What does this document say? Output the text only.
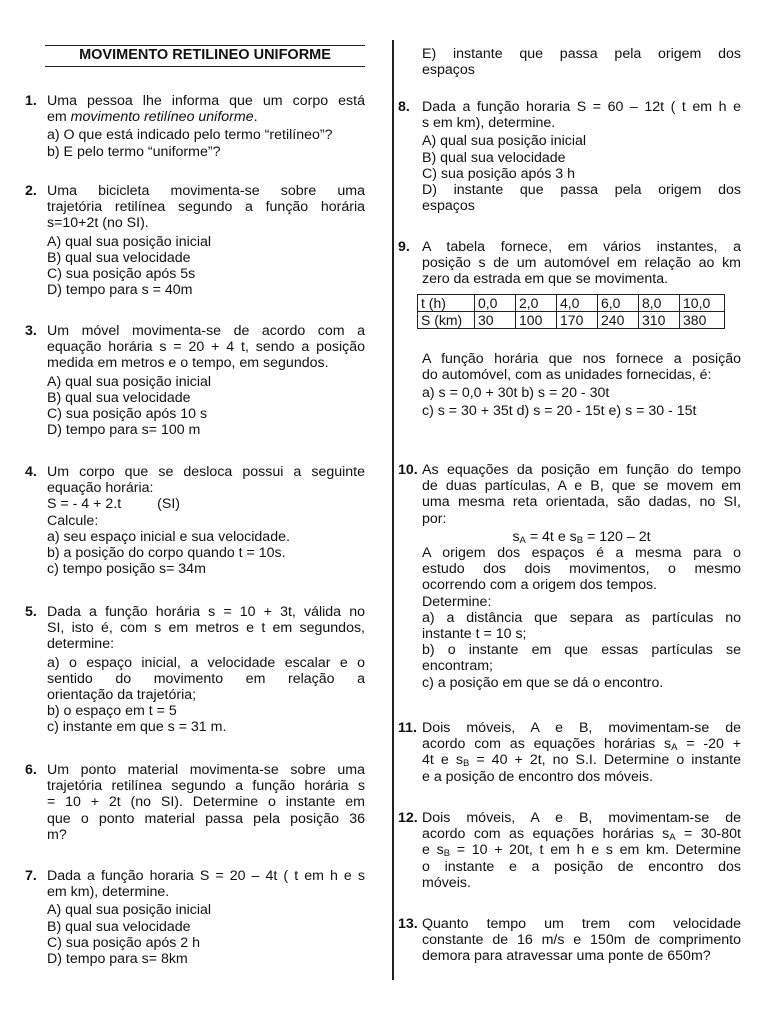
MOVIMENTO RETILINEO UNIFORME
1. Uma pessoa lhe informa que um corpo está
em movimento retilíneo uniforme.
a) O que está indicado pelo termo “retilíneo”?
b) E pelo termo “uniforme”?
2. Uma bicicleta movimenta-se sobre uma
trajetória retilínea segundo a função horária
s=10+2t (no SI).
A) qual sua posição inicial
B) qual sua velocidade
C) sua posição após 5s
D) tempo para s = 40m
3. Um móvel movimenta-se de acordo com a
equação horária s = 20 + 4 t, sendo a posição
medida em metros e o tempo, em segundos.
A) qual sua posição inicial
B) qual sua velocidade
C) sua posição após 10 s
D) tempo para s= 100 m
4. Um corpo que se desloca possui a seguinte
equação horária:
S = - 4 + 2.t	(SI)
Calcule:
a) seu espaço inicial e sua velocidade.
b) a posição do corpo quando t = 10s.
c) tempo posição s= 34m
5. Dada a função horária s = 10 + 3t, válida no
SI, isto é, com s em metros e t em segundos,
determine:
a) o espaço inicial, a velocidade escalar e o
sentido do movimento em relação a
orientação da trajetória;
b) o espaço em t = 5
c) instante em que s = 31 m.
6. Um ponto material movimenta-se sobre uma
trajetória retilínea segundo a função horária s
= 10 + 2t (no SI). Determine o instante em
que o ponto material passa pela posição 36
m?
7. Dada a função horaria S = 20 – 4t ( t em h e s
em km), determine.
A) qual sua posição inicial
B) qual sua velocidade
C) sua posição após 2 h
D) tempo para s= 8km
E) instante que passa pela origem dos
espaços
8. Dada a função horaria S = 60 – 12t ( t em h e
s em km), determine.
A) qual sua posição inicial
B) qual sua velocidade
C) sua posição após 3 h
D) instante que passa pela origem dos
espaços
9. A tabela fornece, em vários instantes, a
posição s de um automóvel em relação ao km
zero da estrada em que se movimenta.
t (h)	0,0	2,0	4,0	6,0	8,0	10,0
S (km)	30	100	170	240	310	380
A função horária que nos fornece a posição
do automóvel, com as unidades fornecidas, é:
a) s = 0,0 + 30t b) s = 20 - 30t
c) s = 30 + 35t d) s = 20 - 15t e) s = 30 - 15t
10. As equações da posição em função do tempo
de duas partículas, A e B, que se movem em
uma mesma reta orientada, são dadas, no SI,
por:
$s_A = 4t$ e $s_B = 120 - 2t$
A origem dos espaços é a mesma para o
estudo dos dois movimentos, o mesmo
ocorrendo com a origem dos tempos.
Determine:
a) a distância que separa as partículas no
instante t = 10 s;
b) o instante em que essas partículas se
encontram;
c) a posição em que se dá o encontro.
11. Dois móveis, A e B, movimentam-se de
acordo com as equações horárias $s_A = -20$ +
4t e $s_B = 40 + 2t$, no S.I. Determine o instante
e a posição de encontro dos móveis.
12. Dois móveis, A e B, movimentam-se de
acordo com as equações horárias $s_A = 30-80t$
e $s_B = 10 + 20t$, t em h e s em km. Determine
o instante e a posição de encontro dos
móveis.
13. Quanto tempo um trem com velocidade
constante de 16 m/s e 150m de comprimento
demora para atravessar uma ponte de 650m?
